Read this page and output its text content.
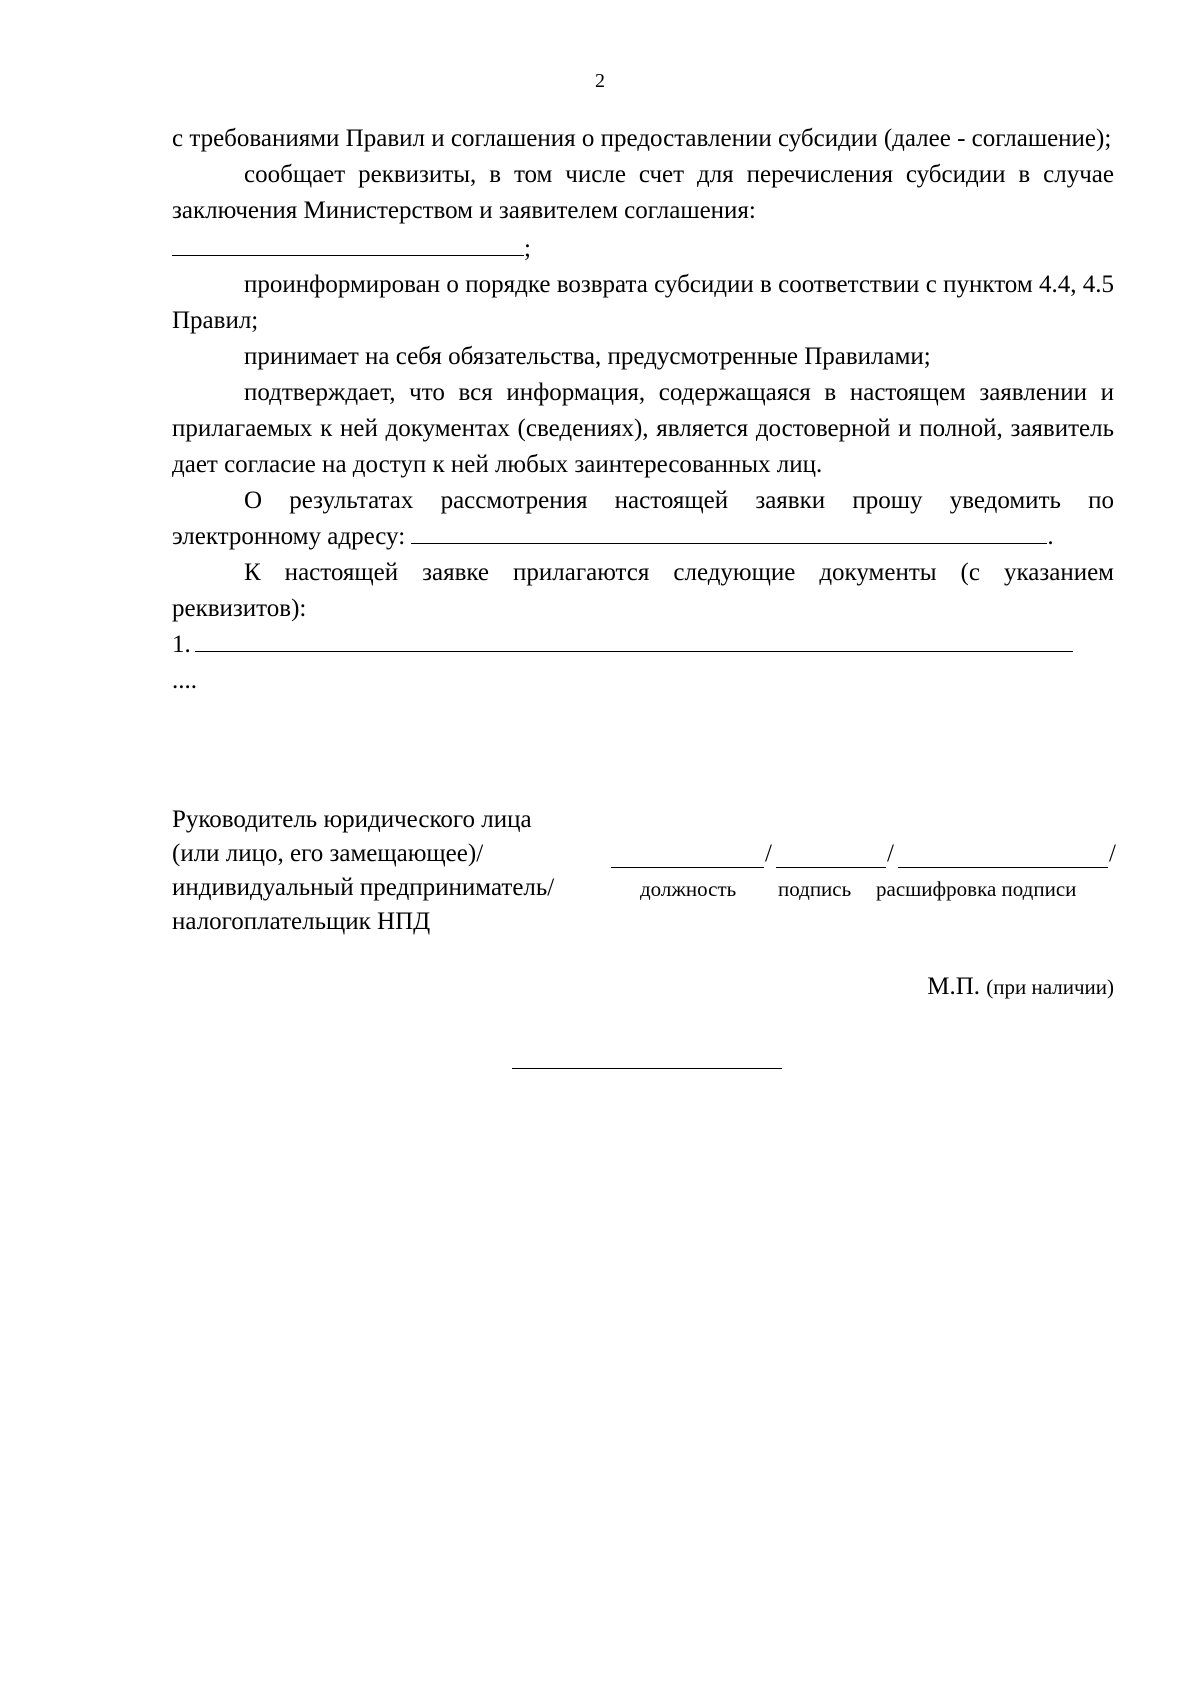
2

с требованиями Правил и соглашения о предоставлении субсидии (далее - соглашение);

сообщает реквизиты, в том числе счет для перечисления субсидии в случае заключения Министерством и заявителем соглашения:
;

проинформирован о порядке возврата субсидии в соответствии с пунктом 4.4, 4.5 Правил;

принимает на себя обязательства, предусмотренные Правилами;

подтверждает, что вся информация, содержащаяся в настоящем заявлении и прилагаемых к ней документах (сведениях), является достоверной и полной, заявитель дает согласие на доступ к ней любых заинтересованных лиц.

О результатах рассмотрения настоящей заявки прошу уведомить по электронному адресу:	.

К настоящей заявке прилагаются следующие документы (с указанием реквизитов):

1.

....

Руководитель юридического лица
(или лицо, его замещающее)/
индивидуальный предприниматель/
налогоплательщик НПД
/	/	/
должность подпись расшифровка подписи
М.П. (при наличии)
